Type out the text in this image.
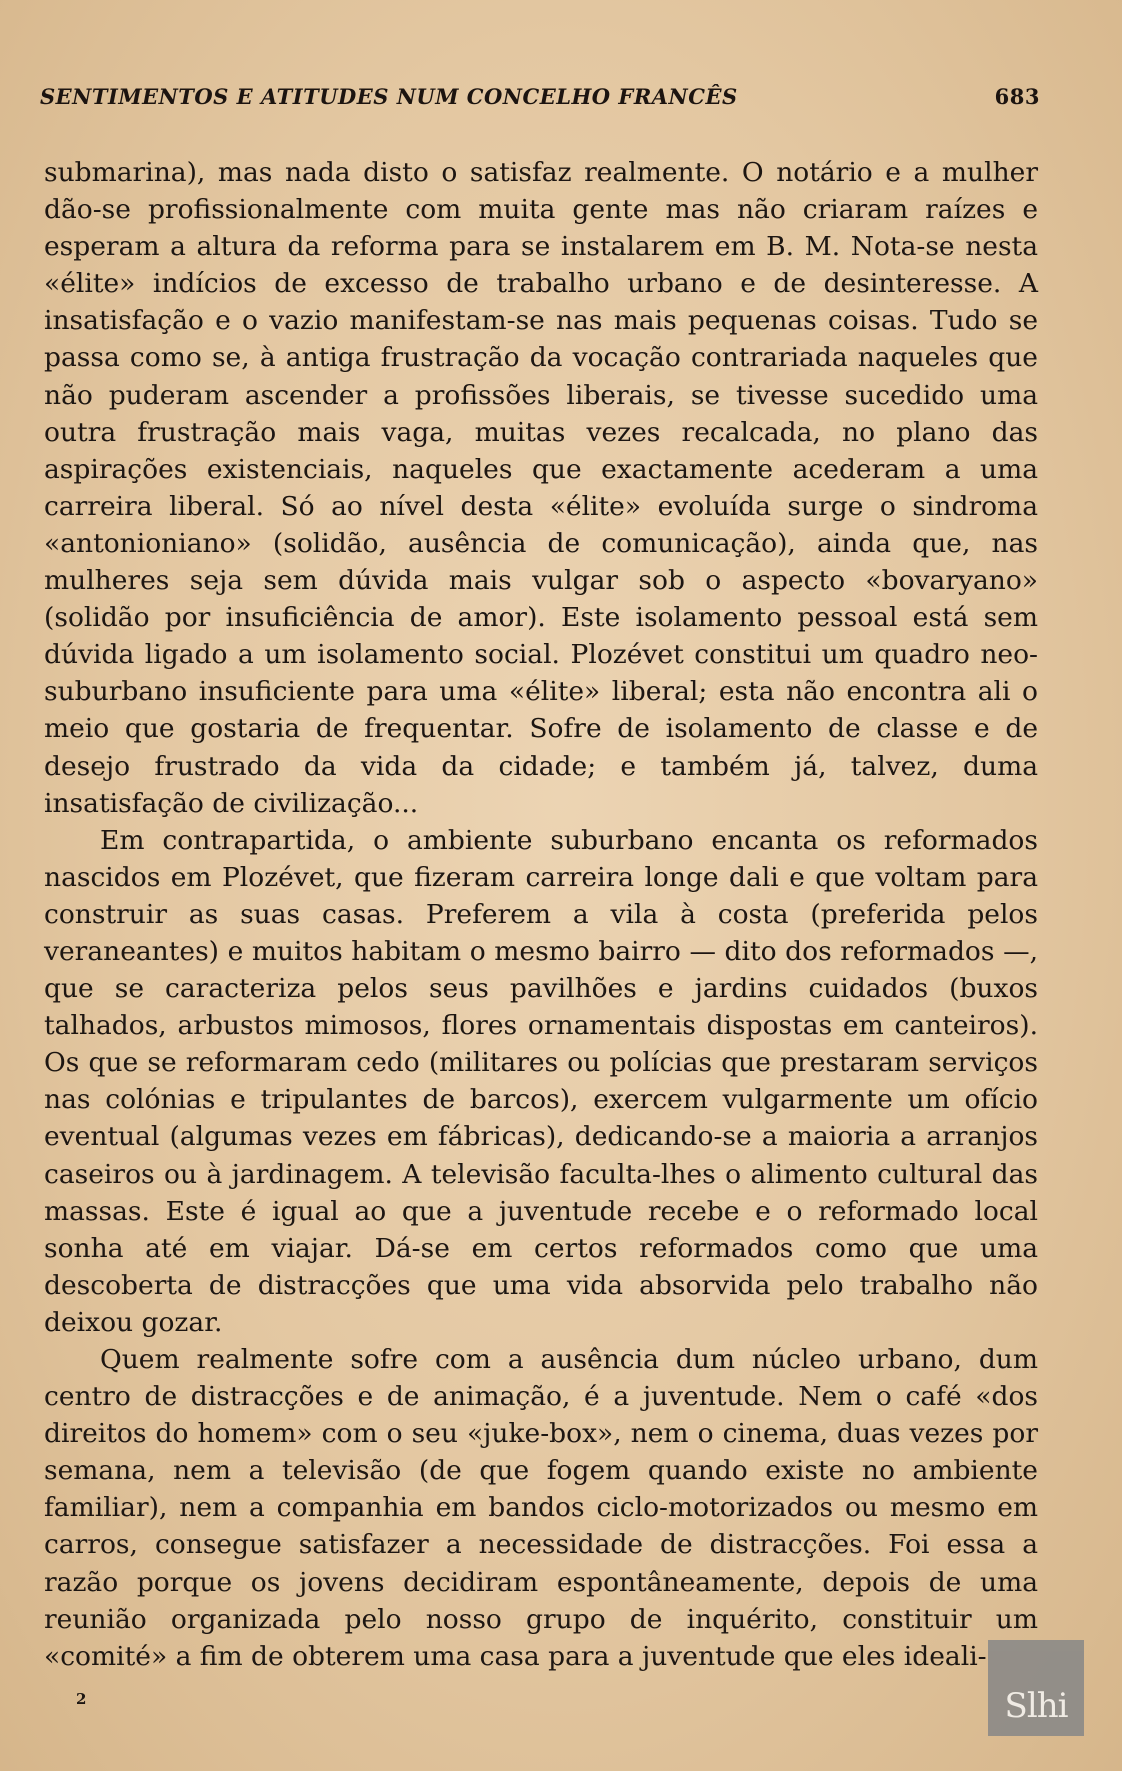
SENTIMENTOS E ATITUDES NUM CONCELHO FRANCÊS	683

submarina), mas nada disto o satisfaz realmente. O notário e a mulher dão-se profissionalmente com muita gente mas não criaram raízes e esperam a altura da reforma para se instalarem em B. M. Nota-se nesta «élite» indícios de excesso de trabalho urbano e de desinteresse. A insatisfação e o vazio manifestam-se nas mais pequenas coisas. Tudo se passa como se, à antiga frustração da vocação contrariada naqueles que não puderam ascender a profissões liberais, se tivesse sucedido uma outra frustração mais vaga, muitas vezes recalcada, no plano das aspirações existenciais, naqueles que exactamente acederam a uma carreira liberal. Só ao nível desta «élite» evoluída surge o sindroma «antonioniano» (solidão, ausência de comunicação), ainda que, nas mulheres seja sem dúvida mais vulgar sob o aspecto «bovaryano» (solidão por insuficiência de amor). Este isolamento pessoal está sem dúvida ligado a um isolamento social. Plozévet constitui um quadro neo-suburbano insuficiente para uma «élite» liberal; esta não encontra ali o meio que gostaria de frequentar. Sofre de isolamento de classe e de desejo frustrado da vida da cidade; e também já, talvez, duma insatisfação de civilização...

Em contrapartida, o ambiente suburbano encanta os reformados nascidos em Plozévet, que fizeram carreira longe dali e que voltam para construir as suas casas. Preferem a vila à costa (preferida pelos veraneantes) e muitos habitam o mesmo bairro — dito dos reformados —, que se caracteriza pelos seus pavilhões e jardins cuidados (buxos talhados, arbustos mimosos, flores ornamentais dispostas em canteiros). Os que se reformaram cedo (militares ou polícias que prestaram serviços nas colónias e tripulantes de barcos), exercem vulgarmente um ofício eventual (algumas vezes em fábricas), dedicando-se a maioria a arranjos caseiros ou à jardinagem. A televisão faculta-lhes o alimento cultural das massas. Este é igual ao que a juventude recebe e o reformado local sonha até em viajar. Dá-se em certos reformados como que uma descoberta de distracções que uma vida absorvida pelo trabalho não deixou gozar.

Quem realmente sofre com a ausência dum núcleo urbano, dum centro de distracções e de animação, é a juventude. Nem o café «dos direitos do homem» com o seu «juke-box», nem o cinema, duas vezes por semana, nem a televisão (de que fogem quando existe no ambiente familiar), nem a companhia em bandos ciclo-motorizados ou mesmo em carros, consegue satisfazer a necessidade de distracções. Foi essa a razão porque os jovens decidiram espontâneamente, depois de uma reunião organizada pelo nosso grupo de inquérito, constituir um «comité» a fim de obterem uma casa para a juventude que eles ideali-

2	Slhi
